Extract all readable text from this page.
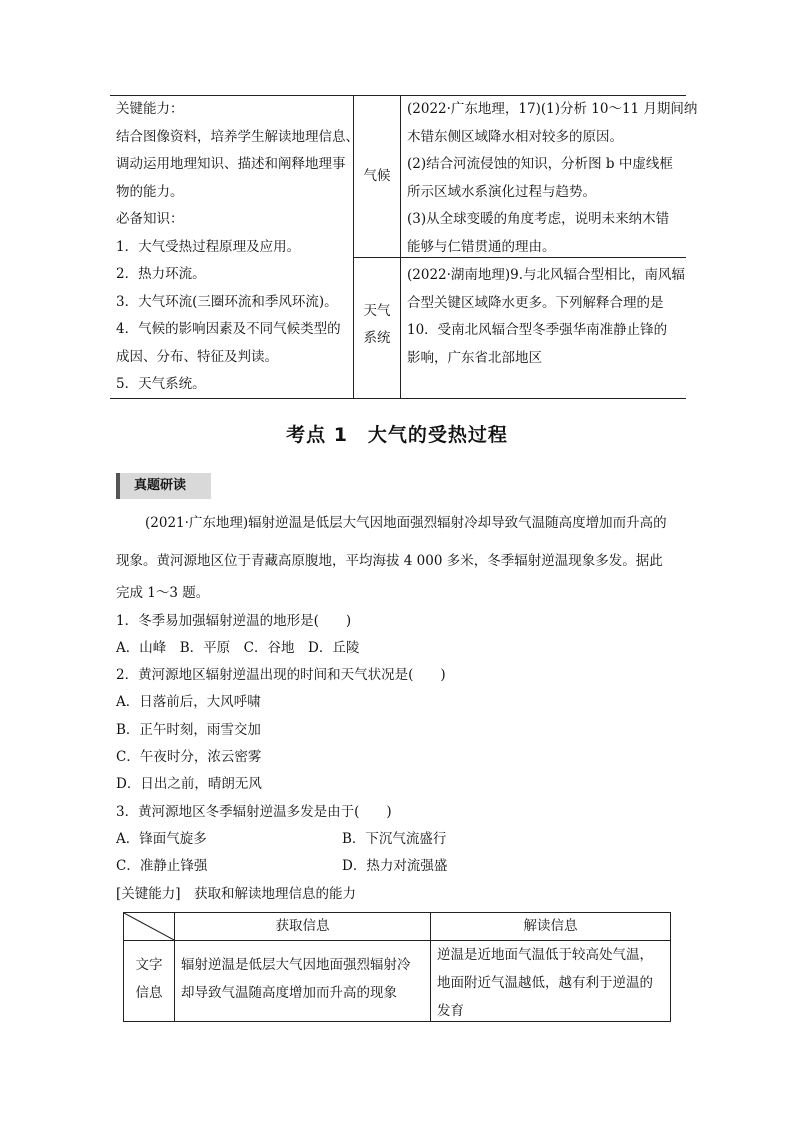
关键能力：
结合图像资料，培养学生解读地理信息、
调动运用地理知识、描述和阐释地理事
物的能力。
必备知识：
1．大气受热过程原理及应用。
2．热力环流。
3．大气环流(三圈环流和季风环流)。
4．气候的影响因素及不同气候类型的
成因、分布、特征及判读。
5．天气系统。
气候
天气
系统
(2022·广东地理，17)(1)分析 10～11 月期间纳
木错东侧区域降水相对较多的原因。
(2)结合河流侵蚀的知识，分析图 b 中虚线框
所示区域水系演化过程与趋势。
(3)从全球变暖的角度考虑，说明未来纳木错
能够与仁错贯通的理由。
(2022·湖南地理)9.与北风辐合型相比，南风辐
合型关键区域降水更多。下列解释合理的是
10．受南北风辐合型冬季强华南准静止锋的
影响，广东省北部地区
考点 1　大气的受热过程
真题研读
(2021·广东地理)辐射逆温是低层大气因地面强烈辐射冷却导致气温随高度增加而升高的
现象。黄河源地区位于青藏高原腹地，平均海拔 4 000 多米，冬季辐射逆温现象多发。据此
完成 1～3 题。
1．冬季易加强辐射逆温的地形是(　　)
A．山峰　B．平原　C．谷地　D．丘陵
2．黄河源地区辐射逆温出现的时间和天气状况是(　　)
A．日落前后，大风呼啸
B．正午时刻，雨雪交加
C．午夜时分，浓云密雾
D．日出之前，晴朗无风
3．黄河源地区冬季辐射逆温多发是由于(　　)
A．锋面气旋多	B．下沉气流盛行
C．准静止锋强	D．热力对流强盛
[关键能力]　获取和解读地理信息的能力
文字
信息
获取信息
辐射逆温是低层大气因地面强烈辐射冷
却导致气温随高度增加而升高的现象
解读信息
逆温是近地面气温低于较高处气温，
地面附近气温越低，越有利于逆温的
发育
